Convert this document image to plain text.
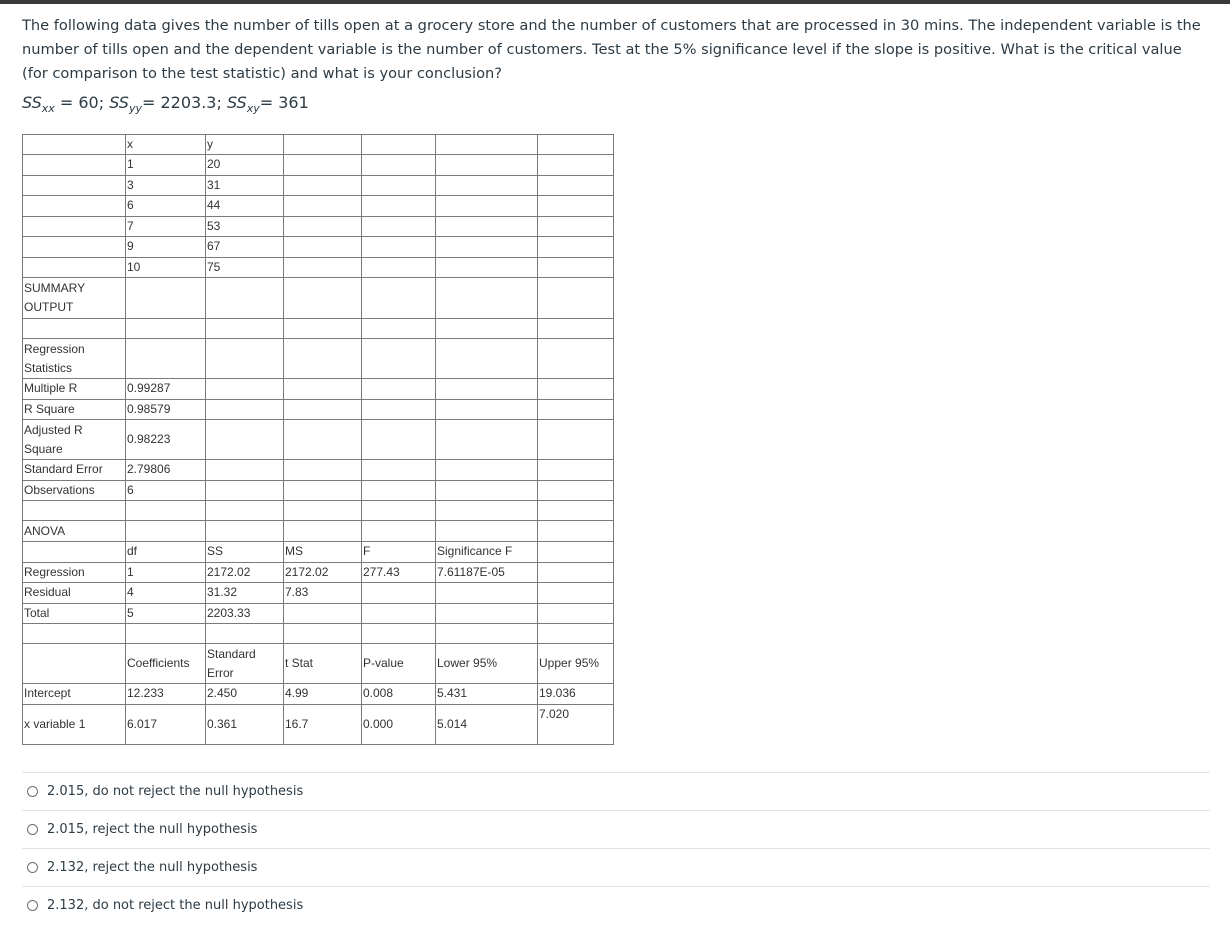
The following data gives the number of tills open at a grocery store and the number of customers that are processed in 30 mins. The independent variable is the number of tills open and the dependent variable is the number of customers. Test at the 5% significance level if the slope is positive. What is the critical value (for comparison to the test statistic) and what is your conclusion?
$SS_{xx} = 60$; $SS_{yy}= 2203.3$; $SS_{xy}= 361$
	x	y				
	1	20				
	3	31				
	6	44				
	7	53				
	9	67				
	10	75				
SUMMARY OUTPUT						

Regression Statistics						
Multiple R	0.99287					
R Square	0.98579					
Adjusted R Square	0.98223					
Standard Error	2.79806					
Observations	6					

ANOVA						
	df	SS	MS	F	Significance F	
Regression	1	2172.02	2172.02	277.43	7.61187E-05	
Residual	4	31.32	7.83			
Total	5	2203.33				

	Coefficients	Standard Error	t Stat	P-value	Lower 95%	Upper 95%
Intercept	12.233	2.450	4.99	0.008	5.431	19.036
x variable 1	6.017	0.361	16.7	0.000	5.014	7.020
2.015, do not reject the null hypothesis
2.015, reject the null hypothesis
2.132, reject the null hypothesis
2.132, do not reject the null hypothesis
